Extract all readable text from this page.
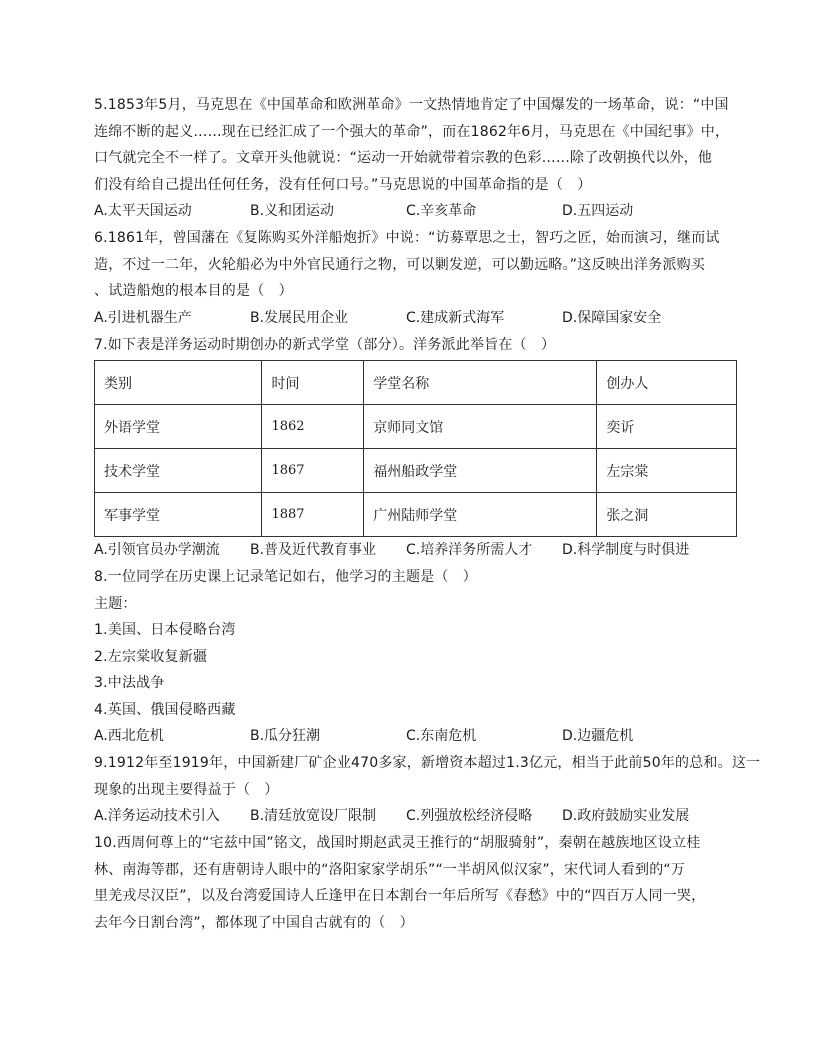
5.1853年5月，马克思在《中国革命和欧洲革命》一文热情地肯定了中国爆发的一场革命，说：“中国
连绵不断的起义……现在已经汇成了一个强大的革命”，而在1862年6月，马克思在《中国纪事》中，
口气就完全不一样了。文章开头他就说：“运动一开始就带着宗教的色彩……除了改朝换代以外，他
们没有给自己提出任何任务，没有任何口号。”马克思说的中国革命指的是（　）
A.太平天国运动	B.义和团运动	C.辛亥革命	D.五四运动
6.1861年，曾国藩在《复陈购买外洋船炮折》中说：“访募覃思之士，智巧之匠，始而演习，继而试
造，不过一二年，火轮船必为中外官民通行之物，可以剿发逆，可以勤远略。”这反映出洋务派购买
、试造船炮的根本目的是（　）
A.引进机器生产	B.发展民用企业	C.建成新式海军	D.保障国家安全
7.如下表是洋务运动时期创办的新式学堂（部分）。洋务派此举旨在（　）
类别	时间	学堂名称	创办人
外语学堂	1862	京师同文馆	奕䜣
技术学堂	1867	福州船政学堂	左宗棠
军事学堂	1887	广州陆师学堂	张之洞
A.引领官员办学潮流	B.普及近代教育事业	C.培养洋务所需人才	D.科学制度与时俱进
8.一位同学在历史课上记录笔记如右，他学习的主题是（　）
主题：
1.美国、日本侵略台湾
2.左宗棠收复新疆
3.中法战争
4.英国、俄国侵略西藏
A.西北危机	B.瓜分狂潮	C.东南危机	D.边疆危机
9.1912年至1919年，中国新建厂矿企业470多家，新增资本超过1.3亿元，相当于此前50年的总和。这一
现象的出现主要得益于（　）
A.洋务运动技术引入	B.清廷放宽设厂限制	C.列强放松经济侵略	D.政府鼓励实业发展
10.西周何尊上的“宅兹中国”铭文，战国时期赵武灵王推行的“胡服骑射”，秦朝在越族地区设立桂
林、南海等郡，还有唐朝诗人眼中的“洛阳家家学胡乐”“一半胡风似汉家”，宋代词人看到的“万
里羌戎尽汉臣”，以及台湾爱国诗人丘逢甲在日本割台一年后所写《春愁》中的“四百万人同一哭，
去年今日割台湾”，都体现了中国自古就有的（　）
